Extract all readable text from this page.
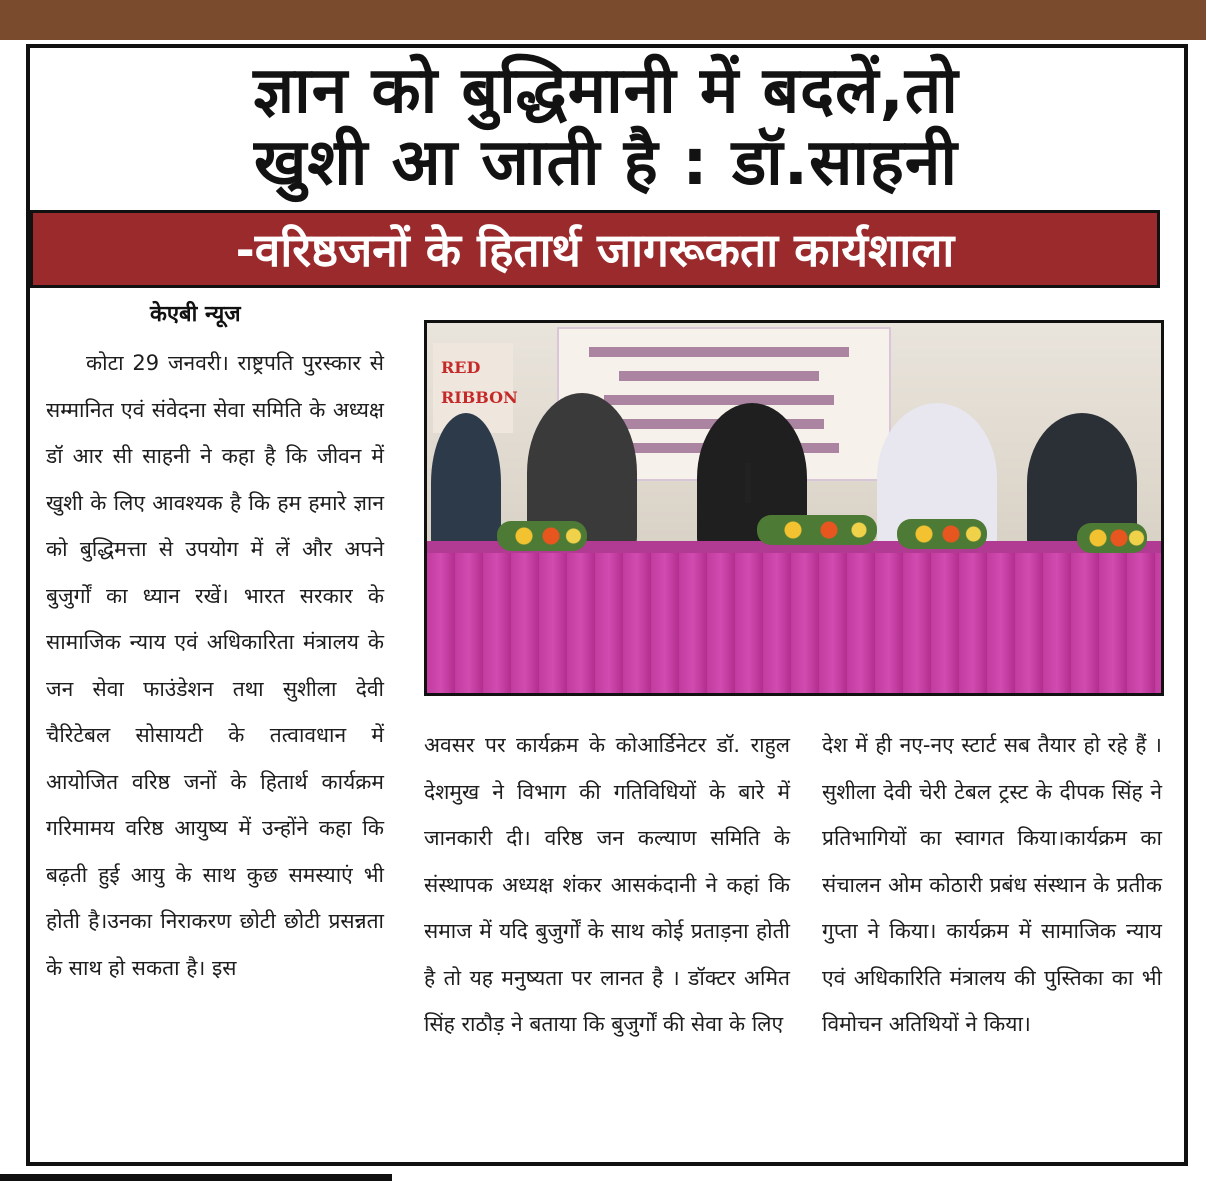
ज्ञान को बुद्धिमानी में बदलें,तो
खुशी आ जाती है : डॉ.साहनी
-वरिष्ठजनों के हितार्थ जागरूकता कार्यशाला
केएबी न्यूज
कोटा 29 जनवरी। राष्ट्रपति पुरस्कार से सम्मानित एवं संवेदना सेवा समिति के अध्यक्ष डॉ आर सी साहनी ने कहा है कि जीवन में खुशी के लिए आवश्यक है कि हम हमारे ज्ञान को बुद्धिमत्ता से उपयोग में लें और अपने बुजुर्गों का ध्यान रखें। भारत सरकार के सामाजिक न्याय एवं अधिकारिता मंत्रालय के जन सेवा फाउंडेशन तथा सुशीला देवी चैरिटेबल सोसायटी के तत्वावधान में आयोजित वरिष्ठ जनों के हितार्थ कार्यक्रम गरिमामय वरिष्ठ आयुष्य में उन्होंने कहा कि बढ़ती हुई आयु के साथ कुछ समस्याएं भी होती है।उनका निराकरण छोटी छोटी प्रसन्नता के साथ हो सकता है। इस
RED RIBBON
अवसर पर कार्यक्रम के कोआर्डिनेटर डॉ. राहुल देशमुख ने विभाग की गतिविधियों के बारे में जानकारी दी। वरिष्ठ जन कल्याण समिति के संस्थापक अध्यक्ष शंकर आसकंदानी ने कहां कि समाज में यदि बुजुर्गों के साथ कोई प्रताड़ना होती है तो यह मनुष्यता पर लानत है । डॉक्टर अमित सिंह राठौड़ ने बताया कि बुजुर्गों की सेवा के लिए
देश में ही नए-नए स्टार्ट सब तैयार हो रहे हैं । सुशीला देवी चेरी टेबल ट्रस्ट के दीपक सिंह ने प्रतिभागियों का स्वागत किया।कार्यक्रम का संचालन ओम कोठारी प्रबंध संस्थान के प्रतीक गुप्ता ने किया। कार्यक्रम में सामाजिक न्याय एवं अधिकारिति मंत्रालय की पुस्तिका का भी विमोचन अतिथियों ने किया।
